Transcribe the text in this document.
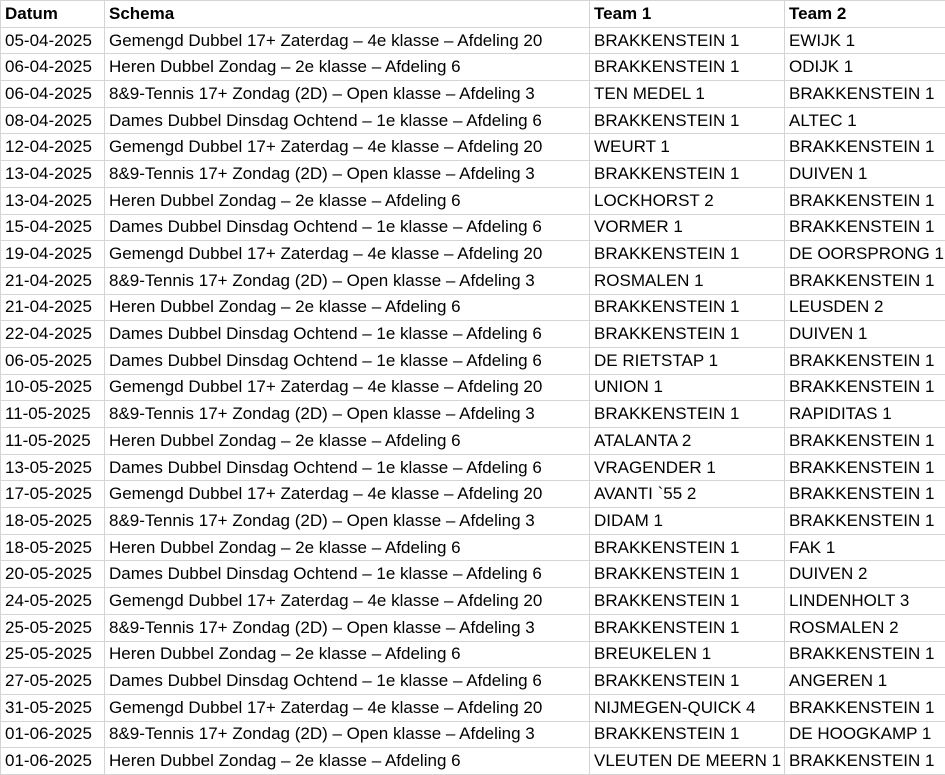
Datum	Schema	Team 1	Team 2
05-04-2025	Gemengd Dubbel 17+ Zaterdag – 4e klasse – Afdeling 20	BRAKKENSTEIN 1	EWIJK 1
06-04-2025	Heren Dubbel Zondag – 2e klasse – Afdeling 6	BRAKKENSTEIN 1	ODIJK 1
06-04-2025	8&9-Tennis 17+ Zondag (2D) – Open klasse – Afdeling 3	TEN MEDEL 1	BRAKKENSTEIN 1
08-04-2025	Dames Dubbel Dinsdag Ochtend – 1e klasse – Afdeling 6	BRAKKENSTEIN 1	ALTEC 1
12-04-2025	Gemengd Dubbel 17+ Zaterdag – 4e klasse – Afdeling 20	WEURT 1	BRAKKENSTEIN 1
13-04-2025	8&9-Tennis 17+ Zondag (2D) – Open klasse – Afdeling 3	BRAKKENSTEIN 1	DUIVEN 1
13-04-2025	Heren Dubbel Zondag – 2e klasse – Afdeling 6	LOCKHORST 2	BRAKKENSTEIN 1
15-04-2025	Dames Dubbel Dinsdag Ochtend – 1e klasse – Afdeling 6	VORMER 1	BRAKKENSTEIN 1
19-04-2025	Gemengd Dubbel 17+ Zaterdag – 4e klasse – Afdeling 20	BRAKKENSTEIN 1	DE OORSPRONG 1
21-04-2025	8&9-Tennis 17+ Zondag (2D) – Open klasse – Afdeling 3	ROSMALEN 1	BRAKKENSTEIN 1
21-04-2025	Heren Dubbel Zondag – 2e klasse – Afdeling 6	BRAKKENSTEIN 1	LEUSDEN 2
22-04-2025	Dames Dubbel Dinsdag Ochtend – 1e klasse – Afdeling 6	BRAKKENSTEIN 1	DUIVEN 1
06-05-2025	Dames Dubbel Dinsdag Ochtend – 1e klasse – Afdeling 6	DE RIETSTAP 1	BRAKKENSTEIN 1
10-05-2025	Gemengd Dubbel 17+ Zaterdag – 4e klasse – Afdeling 20	UNION 1	BRAKKENSTEIN 1
11-05-2025	8&9-Tennis 17+ Zondag (2D) – Open klasse – Afdeling 3	BRAKKENSTEIN 1	RAPIDITAS 1
11-05-2025	Heren Dubbel Zondag – 2e klasse – Afdeling 6	ATALANTA 2	BRAKKENSTEIN 1
13-05-2025	Dames Dubbel Dinsdag Ochtend – 1e klasse – Afdeling 6	VRAGENDER 1	BRAKKENSTEIN 1
17-05-2025	Gemengd Dubbel 17+ Zaterdag – 4e klasse – Afdeling 20	AVANTI `55 2	BRAKKENSTEIN 1
18-05-2025	8&9-Tennis 17+ Zondag (2D) – Open klasse – Afdeling 3	DIDAM 1	BRAKKENSTEIN 1
18-05-2025	Heren Dubbel Zondag – 2e klasse – Afdeling 6	BRAKKENSTEIN 1	FAK 1
20-05-2025	Dames Dubbel Dinsdag Ochtend – 1e klasse – Afdeling 6	BRAKKENSTEIN 1	DUIVEN 2
24-05-2025	Gemengd Dubbel 17+ Zaterdag – 4e klasse – Afdeling 20	BRAKKENSTEIN 1	LINDENHOLT 3
25-05-2025	8&9-Tennis 17+ Zondag (2D) – Open klasse – Afdeling 3	BRAKKENSTEIN 1	ROSMALEN 2
25-05-2025	Heren Dubbel Zondag – 2e klasse – Afdeling 6	BREUKELEN 1	BRAKKENSTEIN 1
27-05-2025	Dames Dubbel Dinsdag Ochtend – 1e klasse – Afdeling 6	BRAKKENSTEIN 1	ANGEREN 1
31-05-2025	Gemengd Dubbel 17+ Zaterdag – 4e klasse – Afdeling 20	NIJMEGEN-QUICK 4	BRAKKENSTEIN 1
01-06-2025	8&9-Tennis 17+ Zondag (2D) – Open klasse – Afdeling 3	BRAKKENSTEIN 1	DE HOOGKAMP 1
01-06-2025	Heren Dubbel Zondag – 2e klasse – Afdeling 6	VLEUTEN DE MEERN 1	BRAKKENSTEIN 1
